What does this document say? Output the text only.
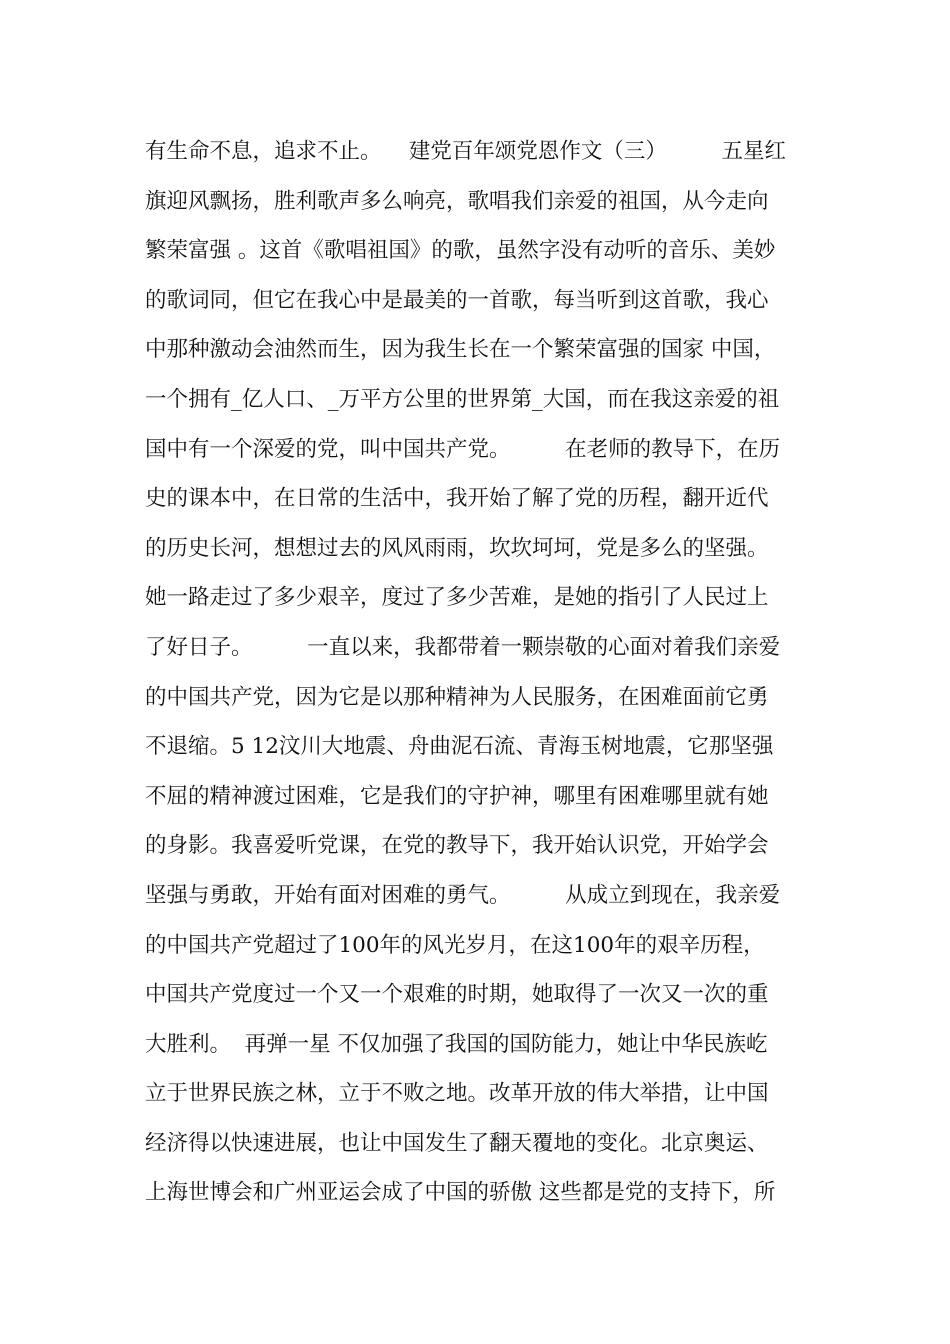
有生命不息，追求不止。    建党百年颂党恩作文（三）        五星红
旗迎风飘扬，胜利歌声多么响亮，歌唱我们亲爱的祖国，从今走向
繁荣富强 。这首《歌唱祖国》的歌，虽然字没有动听的音乐、美妙
的歌词同，但它在我心中是最美的一首歌，每当听到这首歌，我心
中那种激动会油然而生，因为我生长在一个繁荣富强的国家 中国，
一个拥有_亿人口、_万平方公里的世界第_大国，而在我这亲爱的祖
国中有一个深爱的党，叫中国共产党。        在老师的教导下，在历
史的课本中，在日常的生活中，我开始了解了党的历程，翻开近代
的历史长河，想想过去的风风雨雨，坎坎坷坷，党是多么的坚强。
她一路走过了多少艰辛，度过了多少苦难，是她的指引了人民过上
了好日子。        一直以来，我都带着一颗崇敬的心面对着我们亲爱
的中国共产党，因为它是以那种精神为人民服务，在困难面前它勇
不退缩。5 12汶川大地震、舟曲泥石流、青海玉树地震，它那坚强
不屈的精神渡过困难，它是我们的守护神，哪里有困难哪里就有她
的身影。我喜爱听党课，在党的教导下，我开始认识党，开始学会
坚强与勇敢，开始有面对困难的勇气。        从成立到现在，我亲爱
的中国共产党超过了100年的风光岁月，在这100年的艰辛历程，
中国共产党度过一个又一个艰难的时期，她取得了一次又一次的重
大胜利。  再弹一星 不仅加强了我国的国防能力，她让中华民族屹
立于世界民族之林，立于不败之地。改革开放的伟大举措，让中国
经济得以快速进展，也让中国发生了翻天覆地的变化。北京奥运、
上海世博会和广州亚运会成了中国的骄傲 这些都是党的支持下，所
